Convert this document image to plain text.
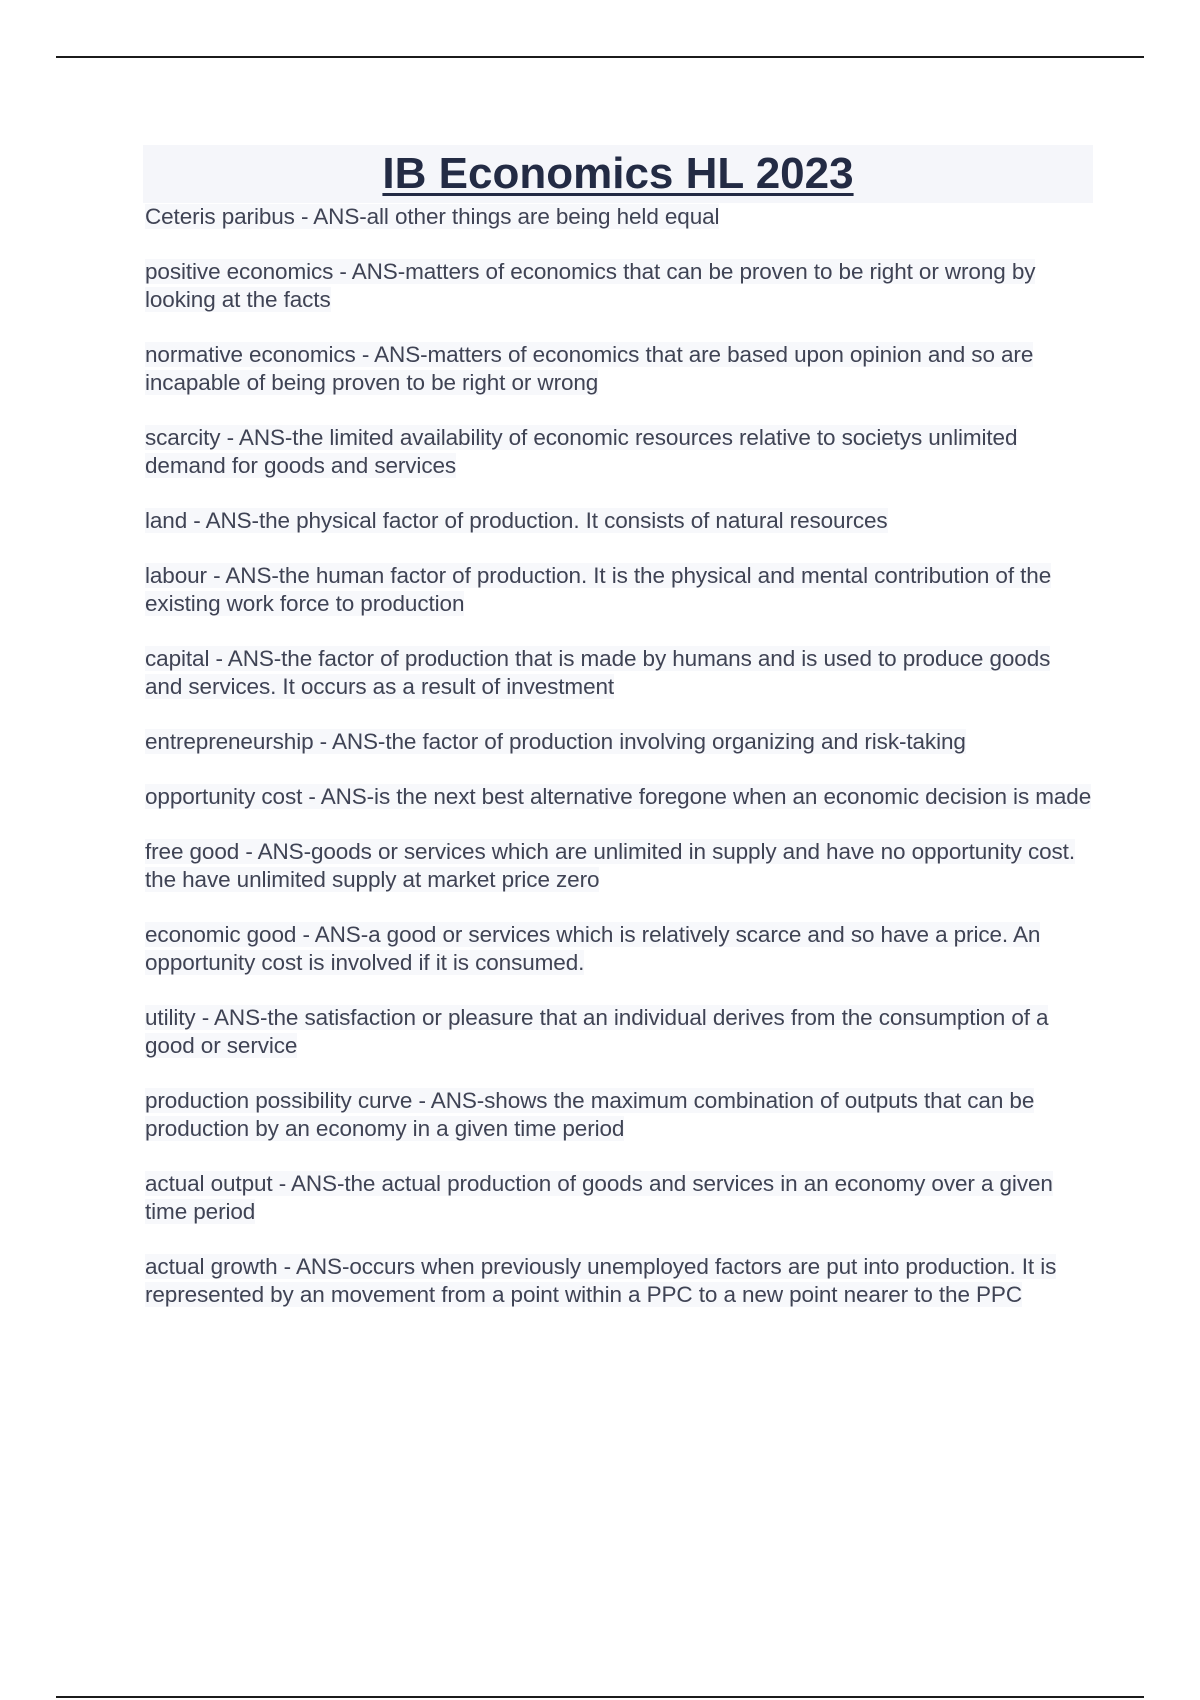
IB Economics HL 2023
Ceteris paribus - ANS-all other things are being held equal
positive economics - ANS-matters of economics that can be proven to be right or wrong by looking at the facts
normative economics - ANS-matters of economics that are based upon opinion and so are incapable of being proven to be right or wrong
scarcity - ANS-the limited availability of economic resources relative to societys unlimited demand for goods and services
land - ANS-the physical factor of production. It consists of natural resources
labour - ANS-the human factor of production. It is the physical and mental contribution of the existing work force to production
capital - ANS-the factor of production that is made by humans and is used to produce goods and services. It occurs as a result of investment
entrepreneurship - ANS-the factor of production involving organizing and risk-taking
opportunity cost - ANS-is the next best alternative foregone when an economic decision is made
free good - ANS-goods or services which are unlimited in supply and have no opportunity cost. the have unlimited supply at market price zero
economic good - ANS-a good or services which is relatively scarce and so have a price. An opportunity cost is involved if it is consumed.
utility - ANS-the satisfaction or pleasure that an individual derives from the consumption of a good or service
production possibility curve - ANS-shows the maximum combination of outputs that can be production by an economy in a given time period
actual output - ANS-the actual production of goods and services in an economy over a given time period
actual growth - ANS-occurs when previously unemployed factors are put into production. It is represented by an movement from a point within a PPC to a new point nearer to the PPC
